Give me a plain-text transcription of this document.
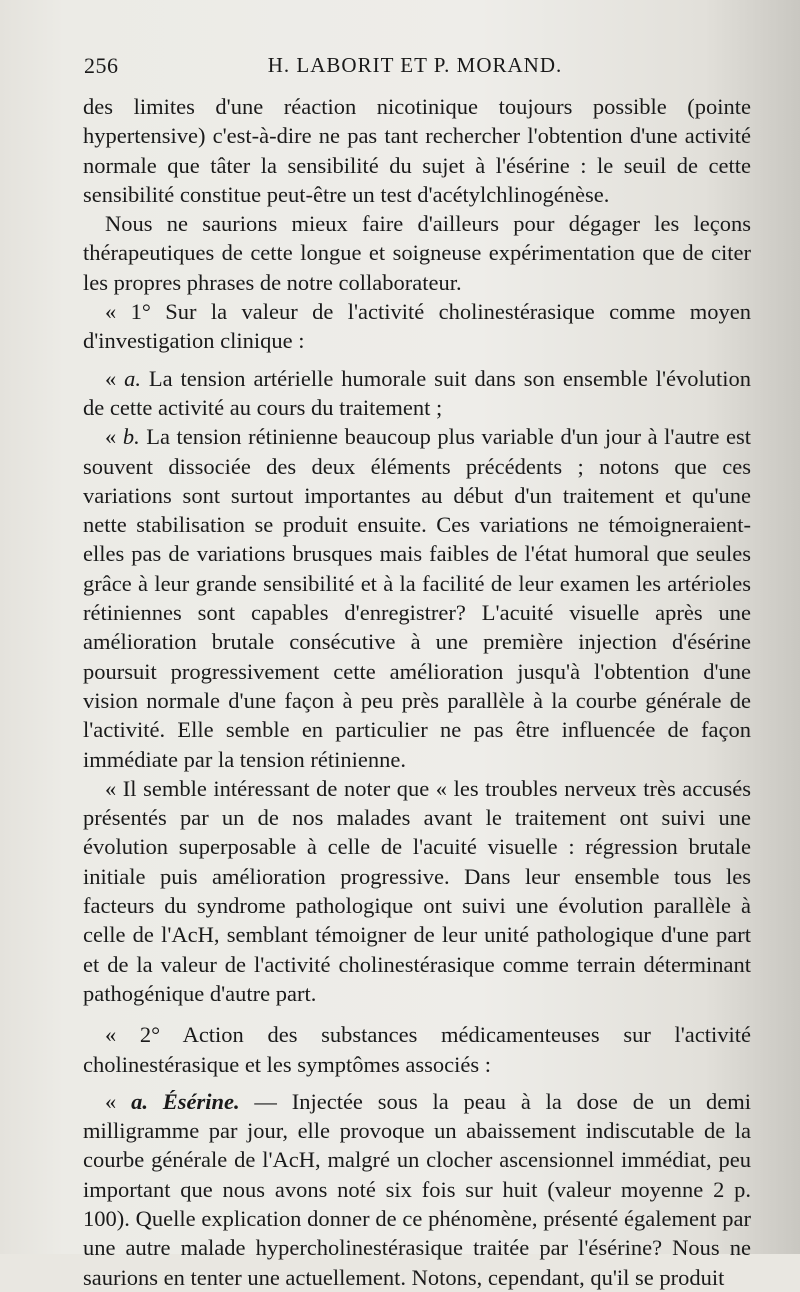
256	H. LABORIT ET P. MORAND.

des limites d'une réaction nicotinique toujours possible (pointe hypertensive) c'est-à-dire ne pas tant rechercher l'obtention d'une activité normale que tâter la sensibilité du sujet à l'ésérine : le seuil de cette sensibilité constitue peut-être un test d'acétylchlinogénèse.

Nous ne saurions mieux faire d'ailleurs pour dégager les leçons thérapeutiques de cette longue et soigneuse expérimentation que de citer les propres phrases de notre collaborateur.

« 1° Sur la valeur de l'activité cholinestérasique comme moyen d'investigation clinique :

« a. La tension artérielle humorale suit dans son ensemble l'évolution de cette activité au cours du traitement ;

« b. La tension rétinienne beaucoup plus variable d'un jour à l'autre est souvent dissociée des deux éléments précédents ; notons que ces variations sont surtout importantes au début d'un traitement et qu'une nette stabilisation se produit ensuite. Ces variations ne témoigneraient-elles pas de variations brusques mais faibles de l'état humoral que seules grâce à leur grande sensibilité et à la facilité de leur examen les artérioles rétiniennes sont capables d'enregistrer? L'acuité visuelle après une amélioration brutale consécutive à une première injection d'ésérine poursuit progressivement cette amélioration jusqu'à l'obtention d'une vision normale d'une façon à peu près parallèle à la courbe générale de l'activité. Elle semble en particulier ne pas être influencée de façon immédiate par la tension rétinienne.

« Il semble intéressant de noter que « les troubles nerveux très accusés présentés par un de nos malades avant le traitement ont suivi une évolution superposable à celle de l'acuité visuelle : régression brutale initiale puis amélioration progressive. Dans leur ensemble tous les facteurs du syndrome pathologique ont suivi une évolution parallèle à celle de l'AcH, semblant témoigner de leur unité pathologique d'une part et de la valeur de l'activité cholinestérasique comme terrain déterminant pathogénique d'autre part.

« 2° Action des substances médicamenteuses sur l'activité cholinestérasique et les symptômes associés :

« a. Ésérine. — Injectée sous la peau à la dose de un demi milligramme par jour, elle provoque un abaissement indiscutable de la courbe générale de l'AcH, malgré un clocher ascensionnel immédiat, peu important que nous avons noté six fois sur huit (valeur moyenne 2 p. 100). Quelle explication donner de ce phénomène, présenté également par une autre malade hypercholinestérasique traitée par l'ésérine? Nous ne saurions en tenter une actuellement. Notons, cependant, qu'il se produit
